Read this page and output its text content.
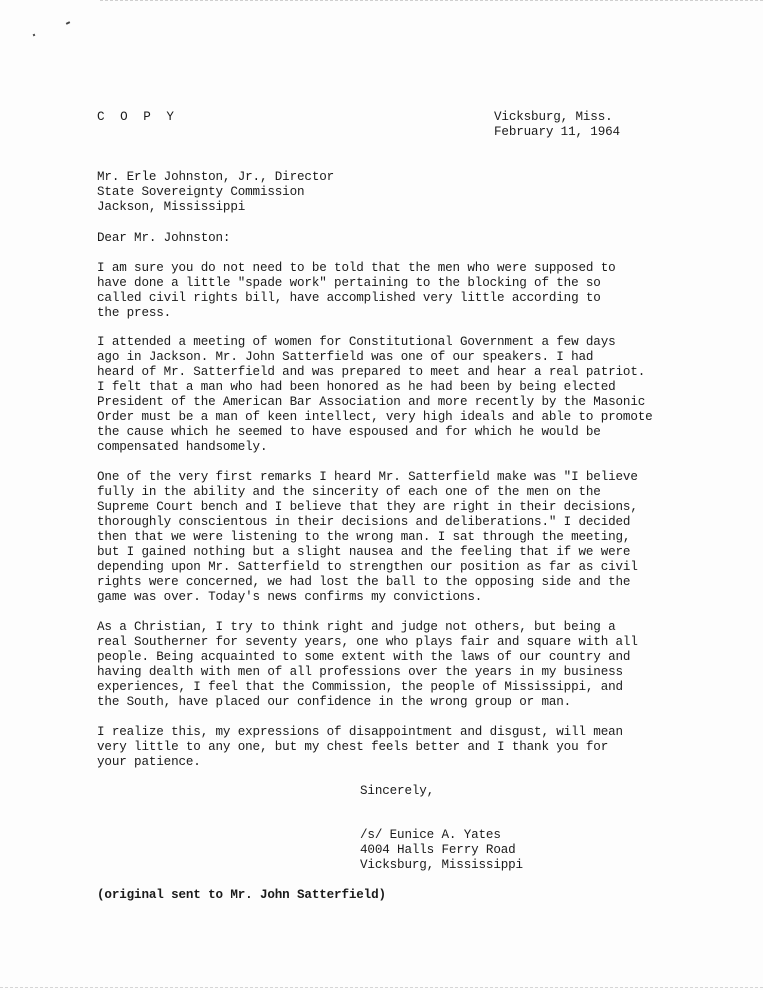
C O P Y	Vicksburg, Miss.
February 11, 1964
Mr. Erle Johnston, Jr., Director
State Sovereignty Commission
Jackson, Mississippi
Dear Mr. Johnston:
I am sure you do not need to be told that the men who were supposed to
have done a little "spade work" pertaining to the blocking of the so
called civil rights bill, have accomplished very little according to
the press.
I attended a meeting of women for Constitutional Government a few days
ago in Jackson. Mr. John Satterfield was one of our speakers. I had
heard of Mr. Satterfield and was prepared to meet and hear a real patriot.
I felt that a man who had been honored as he had been by being elected
President of the American Bar Association and more recently by the Masonic
Order must be a man of keen intellect, very high ideals and able to promote
the cause which he seemed to have espoused and for which he would be
compensated handsomely.
One of the very first remarks I heard Mr. Satterfield make was "I believe
fully in the ability and the sincerity of each one of the men on the
Supreme Court bench and I believe that they are right in their decisions,
thoroughly conscientous in their decisions and deliberations." I decided
then that we were listening to the wrong man. I sat through the meeting,
but I gained nothing but a slight nausea and the feeling that if we were
depending upon Mr. Satterfield to strengthen our position as far as civil
rights were concerned, we had lost the ball to the opposing side and the
game was over. Today's news confirms my convictions.
As a Christian, I try to think right and judge not others, but being a
real Southerner for seventy years, one who plays fair and square with all
people. Being acquainted to some extent with the laws of our country and
having dealth with men of all professions over the years in my business
experiences, I feel that the Commission, the people of Mississippi, and
the South, have placed our confidence in the wrong group or man.
I realize this, my expressions of disappointment and disgust, will mean
very little to any one, but my chest feels better and I thank you for
your patience.
Sincerely,
/s/ Eunice A. Yates
4004 Halls Ferry Road
Vicksburg, Mississippi
(original sent to Mr. John Satterfield)
